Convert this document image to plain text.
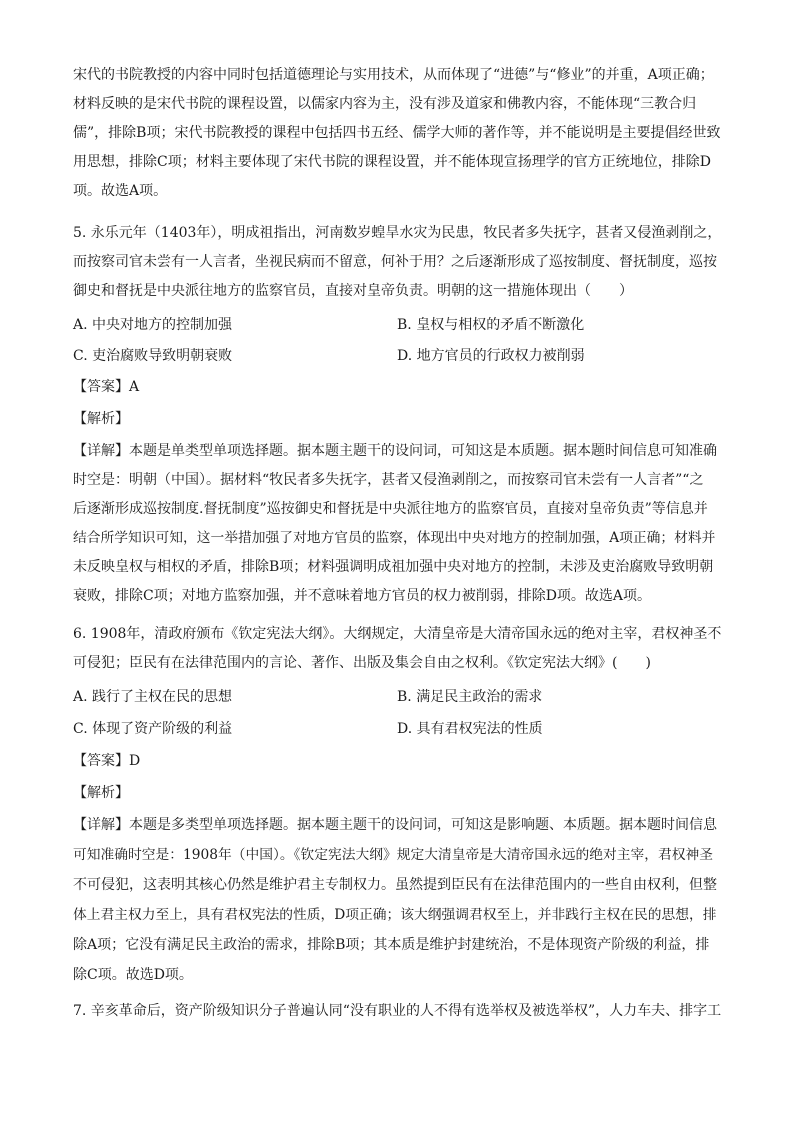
宋代的书院教授的内容中同时包括道德理论与实用技术，从而体现了“进德”与“修业”的并重，A项正确；
材料反映的是宋代书院的课程设置，以儒家内容为主，没有涉及道家和佛教内容，不能体现“三教合归
儒”，排除B项；宋代书院教授的课程中包括四书五经、儒学大师的著作等，并不能说明是主要提倡经世致
用思想，排除C项；材料主要体现了宋代书院的课程设置，并不能体现宣扬理学的官方正统地位，排除D
项。故选A项。
5. 永乐元年（1403年），明成祖指出，河南数岁蝗旱水灾为民患，牧民者多失抚字，甚者又侵渔剥削之，
而按察司官未尝有一人言者，坐视民病而不留意，何补于用？之后逐渐形成了巡按制度、督抚制度，巡按
御史和督抚是中央派往地方的监察官员，直接对皇帝负责。明朝的这一措施体现出（　　）
A. 中央对地方的控制加强	B. 皇权与相权的矛盾不断激化
C. 吏治腐败导致明朝衰败	D. 地方官员的行政权力被削弱
【答案】A
【解析】
【详解】本题是单类型单项选择题。据本题主题干的设问词，可知这是本质题。据本题时间信息可知准确
时空是：明朝（中国）。据材料“牧民者多失抚字，甚者又侵渔剥削之，而按察司官未尝有一人言者”“之
后逐渐形成巡按制度.督抚制度”巡按御史和督抚是中央派往地方的监察官员，直接对皇帝负责”等信息并
结合所学知识可知，这一举措加强了对地方官员的监察，体现出中央对地方的控制加强，A项正确；材料并
未反映皇权与相权的矛盾，排除B项；材料强调明成祖加强中央对地方的控制，未涉及吏治腐败导致明朝
衰败，排除C项；对地方监察加强，并不意味着地方官员的权力被削弱，排除D项。故选A项。
6. 1908年，清政府颁布《钦定宪法大纲》。大纲规定，大清皇帝是大清帝国永远的绝对主宰，君权神圣不
可侵犯；臣民有在法律范围内的言论、著作、出版及集会自由之权利。《钦定宪法大纲》(　　)
A. 践行了主权在民的思想	B. 满足民主政治的需求
C. 体现了资产阶级的利益	D. 具有君权宪法的性质
【答案】D
【解析】
【详解】本题是多类型单项选择题。据本题主题干的设问词，可知这是影响题、本质题。据本题时间信息
可知准确时空是：1908年（中国）。《钦定宪法大纲》规定大清皇帝是大清帝国永远的绝对主宰，君权神圣
不可侵犯，这表明其核心仍然是维护君主专制权力。虽然提到臣民有在法律范围内的一些自由权利，但整
体上君主权力至上，具有君权宪法的性质，D项正确；该大纲强调君权至上，并非践行主权在民的思想，排
除A项；它没有满足民主政治的需求，排除B项；其本质是维护封建统治，不是体现资产阶级的利益，排
除C项。故选D项。
7. 辛亥革命后，资产阶级知识分子普遍认同“没有职业的人不得有选举权及被选举权”，人力车夫、排字工
